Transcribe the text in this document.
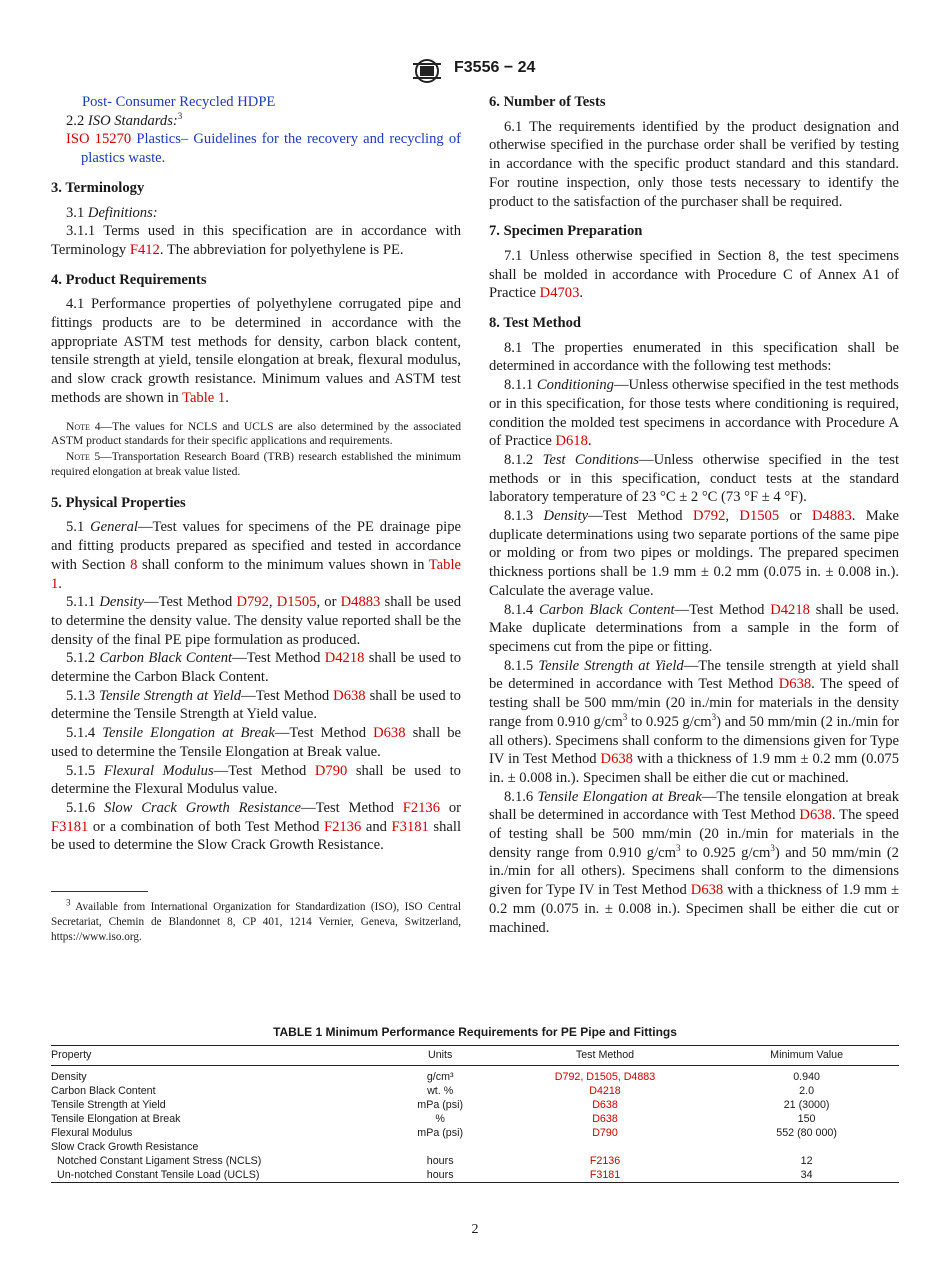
F3556 − 24

Post- Consumer Recycled HDPE

2.2 ISO Standards:$^3$

ISO 15270 Plastics– Guidelines for the recovery and recycling of plastics waste.

3. Terminology

3.1 Definitions:

3.1.1 Terms used in this specification are in accordance with Terminology F412. The abbreviation for polyethylene is PE.

4. Product Requirements

4.1 Performance properties of polyethylene corrugated pipe and fittings products are to be determined in accordance with the appropriate ASTM test methods for density, carbon black content, tensile strength at yield, tensile elongation at break, flexural modulus, and slow crack growth resistance. Minimum values and ASTM test methods are shown in Table 1.

Note 4—The values for NCLS and UCLS are also determined by the associated ASTM product standards for their specific applications and requirements.

Note 5—Transportation Research Board (TRB) research established the minimum required elongation at break value listed.

5. Physical Properties

5.1 General—Test values for specimens of the PE drainage pipe and fitting products prepared as specified and tested in accordance with Section 8 shall conform to the minimum values shown in Table 1.

5.1.1 Density—Test Method D792, D1505, or D4883 shall be used to determine the density value. The density value reported shall be the density of the final PE pipe formulation as produced.

5.1.2 Carbon Black Content—Test Method D4218 shall be used to determine the Carbon Black Content.

5.1.3 Tensile Strength at Yield—Test Method D638 shall be used to determine the Tensile Strength at Yield value.

5.1.4 Tensile Elongation at Break—Test Method D638 shall be used to determine the Tensile Elongation at Break value.

5.1.5 Flexural Modulus—Test Method D790 shall be used to determine the Flexural Modulus value.

5.1.6 Slow Crack Growth Resistance—Test Method F2136 or F3181 or a combination of both Test Method F2136 and F3181 shall be used to determine the Slow Crack Growth Resistance.

$^3$ Available from International Organization for Standardization (ISO), ISO Central Secretariat, Chemin de Blandonnet 8, CP 401, 1214 Vernier, Geneva, Switzerland, https://www.iso.org.

6. Number of Tests

6.1 The requirements identified by the product designation and otherwise specified in the purchase order shall be verified by testing in accordance with the specific product standard and this standard. For routine inspection, only those tests necessary to identify the product to the satisfaction of the purchaser shall be required.

7. Specimen Preparation

7.1 Unless otherwise specified in Section 8, the test specimens shall be molded in accordance with Procedure C of Annex A1 of Practice D4703.

8. Test Method

8.1 The properties enumerated in this specification shall be determined in accordance with the following test methods:

8.1.1 Conditioning—Unless otherwise specified in the test methods or in this specification, for those tests where conditioning is required, condition the molded test specimens in accordance with Procedure A of Practice D618.

8.1.2 Test Conditions—Unless otherwise specified in the test methods or in this specification, conduct tests at the standard laboratory temperature of 23 °C ± 2 °C (73 °F ± 4 °F).

8.1.3 Density—Test Method D792, D1505 or D4883. Make duplicate determinations using two separate portions of the same pipe or molding or from two pipes or moldings. The prepared specimen thickness portions shall be 1.9 mm ± 0.2 mm (0.075 in. ± 0.008 in.). Calculate the average value.

8.1.4 Carbon Black Content—Test Method D4218 shall be used. Make duplicate determinations from a sample in the form of specimens cut from the pipe or fitting.

8.1.5 Tensile Strength at Yield—The tensile strength at yield shall be determined in accordance with Test Method D638. The speed of testing shall be 500 mm/min (20 in./min for materials in the density range from 0.910 $g/cm^3$ to 0.925 $g/cm^3$) and 50 mm/min (2 in./min for all others). Specimens shall conform to the dimensions given for Type IV in Test Method D638 with a thickness of 1.9 mm ± 0.2 mm (0.075 in. ± 0.008 in.). Specimen shall be either die cut or machined.

8.1.6 Tensile Elongation at Break—The tensile elongation at break shall be determined in accordance with Test Method D638. The speed of testing shall be 500 mm/min (20 in./min for materials in the density range from 0.910 $g/cm^3$ to 0.925 $g/cm^3$) and 50 mm/min (2 in./min for all others). Specimens shall conform to the dimensions given for Type IV in Test Method D638 with a thickness of 1.9 mm ± 0.2 mm (0.075 in. ± 0.008 in.). Specimen shall be either die cut or machined.

TABLE 1 Minimum Performance Requirements for PE Pipe and Fittings
Property	Units	Test Method	Minimum Value
Density	g/cm³	D792, D1505, D4883	0.940
Carbon Black Content	wt. %	D4218	2.0
Tensile Strength at Yield	mPa (psi)	D638	21 (3000)
Tensile Elongation at Break	%	D638	150
Flexural Modulus	mPa (psi)	D790	552 (80 000)
Slow Crack Growth Resistance			
Notched Constant Ligament Stress (NCLS)	hours	F2136	12
Un-notched Constant Tensile Load (UCLS)	hours	F3181	34
2
